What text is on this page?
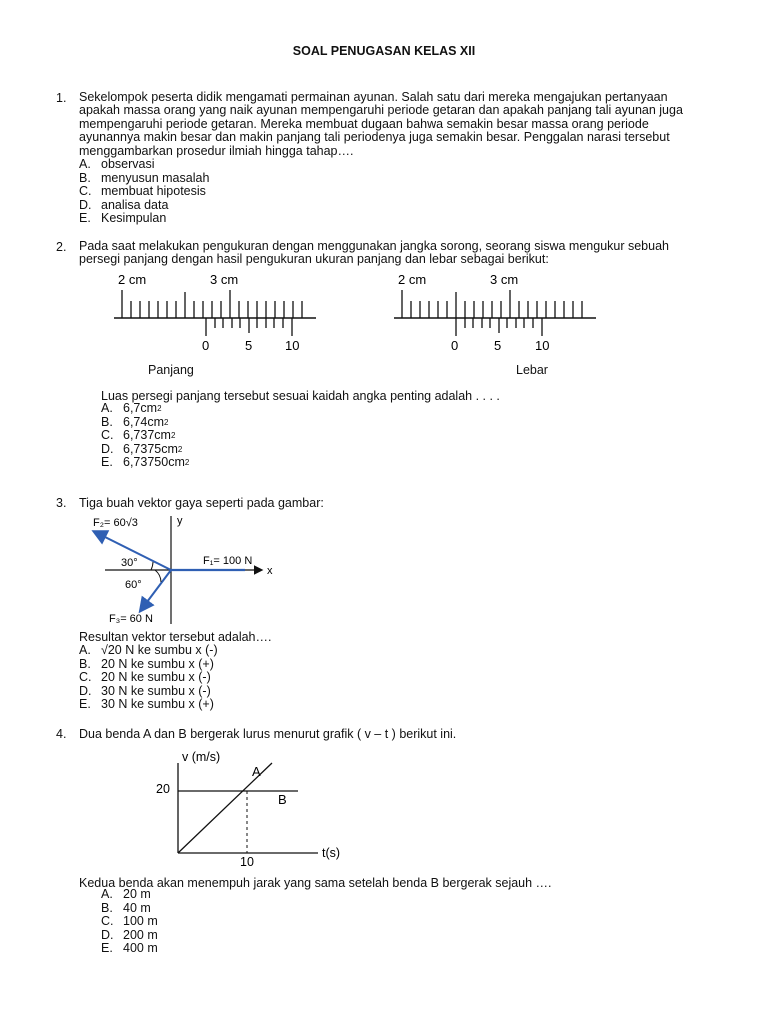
SOAL PENUGASAN KELAS XII
1. Sekelompok peserta didik mengamati permainan ayunan. Salah satu dari mereka mengajukan pertanyaan
apakah massa orang yang naik ayunan mempengaruhi periode getaran dan apakah panjang tali ayunan juga
mempengaruhi periode getaran. Mereka membuat dugaan bahwa semakin besar massa orang periode
ayunannya makin besar dan makin panjang tali periodenya juga semakin besar. Penggalan narasi tersebut
menggambarkan prosedur ilmiah hingga tahap….
A. observasi
B. menyusun masalah
C. membuat hipotesis
D. analisa data
E. Kesimpulan
2. Pada saat melakukan pengukuran dengan menggunakan jangka sorong, seorang siswa mengukur sebuah
persegi panjang dengan hasil pengukuran ukuran panjang dan lebar sebagai berikut:
2 cm	3 cm
0	5	10
2 cm	3 cm
0	5	10
Panjang	Lebar
Luas persegi panjang tersebut sesuai kaidah angka penting adalah . . . .
A. 6,7 cm 2
B. 6,74 cm 2
C. 6,737 cm 2
D. 6,7375 cm 2
E. 6,73750 cm 2
3. Tiga buah vektor gaya seperti pada gambar:
y
x
F₂= 60√3
F₁= 100 N
30°
60°
F₃= 60 N
Resultan vektor tersebut adalah….
A. √20 N ke sumbu x (-)
B. 20 N ke sumbu x (+)
C. 20 N ke sumbu x (-)
D. 30 N ke sumbu x (-)
E. 30 N ke sumbu x (+)
4. Dua benda A dan B bergerak lurus menurut grafik ( v – t ) berikut ini.
v (m/s)
20
10
A
B
t(s)
Kedua benda akan menempuh jarak yang sama setelah benda B bergerak sejauh ….
A. 20 m
B. 40 m
C. 100 m
D. 200 m
E. 400 m
